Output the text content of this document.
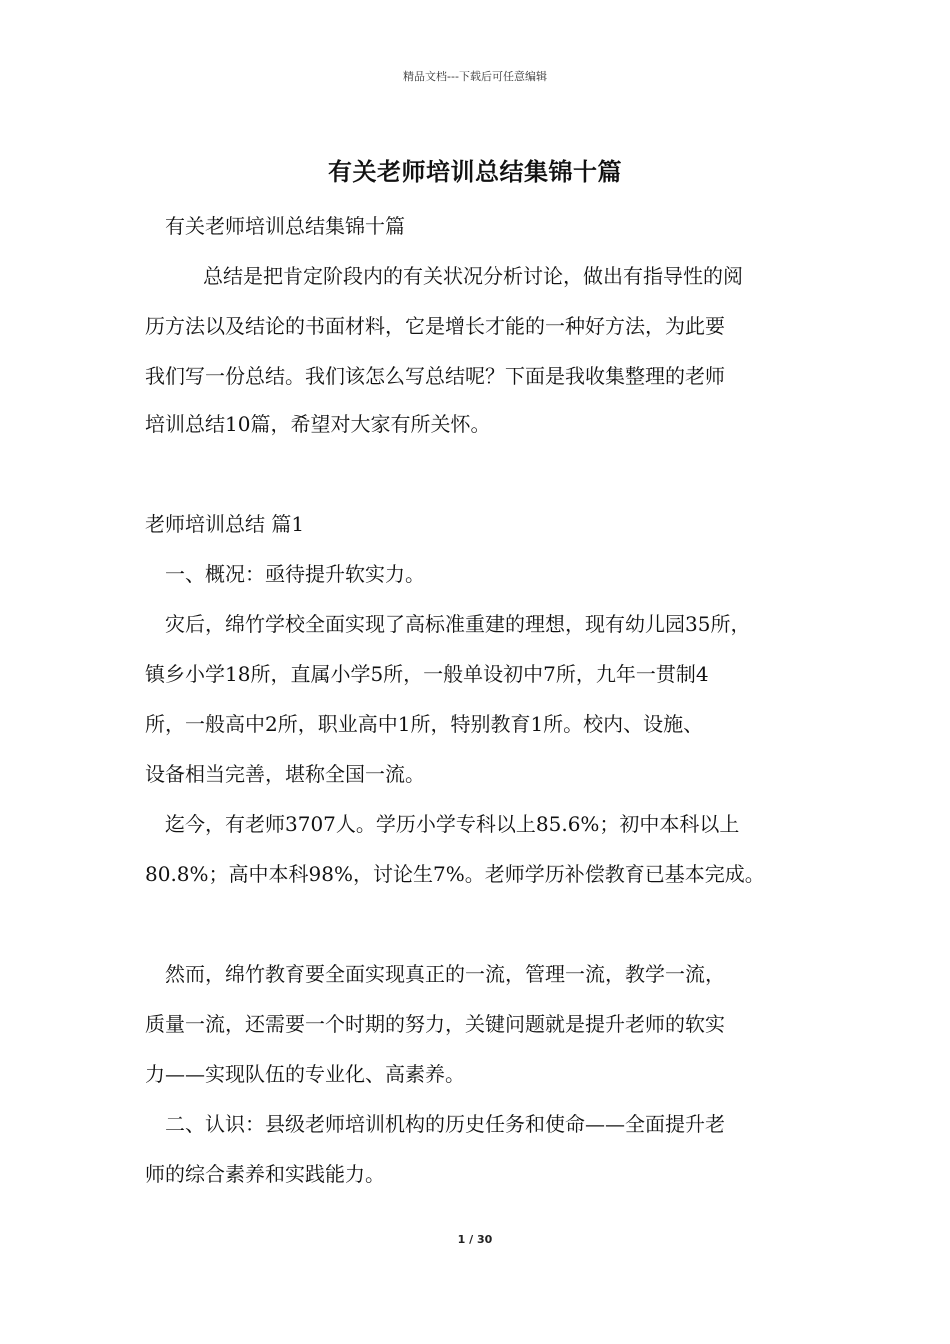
精品文档---下载后可任意编辑
有关老师培训总结集锦十篇
有关老师培训总结集锦十篇
总结是把肯定阶段内的有关状况分析讨论，做出有指导性的阅
历方法以及结论的书面材料，它是增长才能的一种好方法，为此要
我们写一份总结。我们该怎么写总结呢？下面是我收集整理的老师
培训总结10篇，希望对大家有所关怀。
老师培训总结 篇1
一、概况：亟待提升软实力。
灾后，绵竹学校全面实现了高标准重建的理想，现有幼儿园35所，
镇乡小学18所，直属小学5所，一般单设初中7所，九年一贯制4
所，一般高中2所，职业高中1所，特别教育1所。校内、设施、
设备相当完善，堪称全国一流。
迄今，有老师3707人。学历小学专科以上85.6%；初中本科以上
80.8%；高中本科98%，讨论生7%。老师学历补偿教育已基本完成。
然而，绵竹教育要全面实现真正的一流，管理一流，教学一流，
质量一流，还需要一个时期的努力，关键问题就是提升老师的软实
力——实现队伍的专业化、高素养。
二、认识：县级老师培训机构的历史任务和使命——全面提升老
师的综合素养和实践能力。
1 / 30
